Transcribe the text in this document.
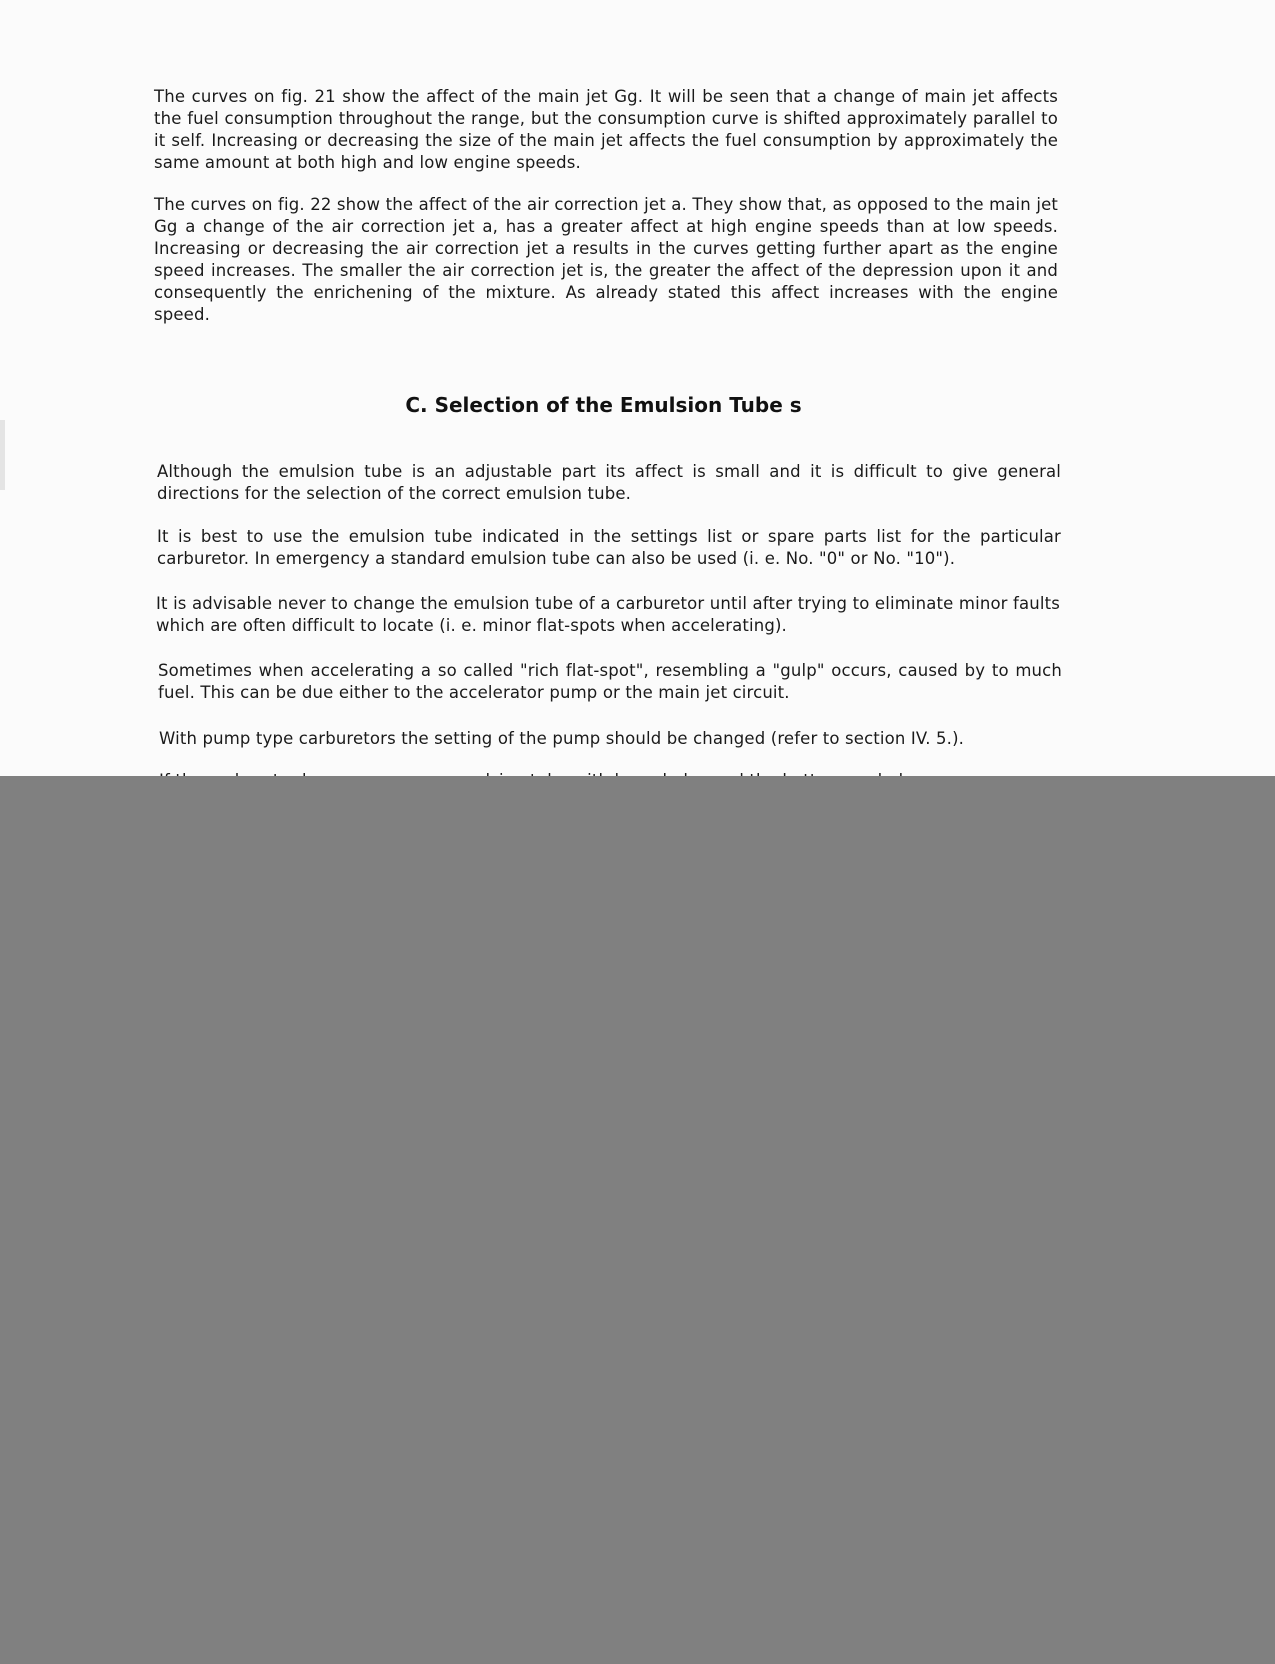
The curves on fig. 21 show the affect of the main jet Gg. It will be seen that a change of main jet affects the fuel consumption throughout the range, but the consumption curve is shifted approximately parallel to it self. Increasing or decreasing the size of the main jet affects the fuel consumption by approximately the same amount at both high and low engine speeds.

The curves on fig. 22 show the affect of the air correction jet a. They show that, as opposed to the main jet Gg a change of the air correction jet a, has a greater affect at high engine speeds than at low speeds. Increasing or decreasing the air correction jet a results in the curves getting further apart as the engine speed increases. The smaller the air correction jet is, the greater the affect of the depression upon it and consequently the enrichening of the mixture. As already stated this affect increases with the engine speed.

C. Selection of the Emulsion Tube s

Although the emulsion tube is an adjustable part its affect is small and it is difficult to give general directions for the selection of the correct emulsion tube.

It is best to use the emulsion tube indicated in the settings list or spare parts list for the particular carburetor. In emergency a standard emulsion tube can also be used (i. e. No. "0" or No. "10").

It is advisable never to change the emulsion tube of a carburetor until after trying to eliminate minor faults which are often difficult to locate (i. e. minor flat-spots when accelerating).

Sometimes when accelerating a so called "rich flat-spot", resembling a "gulp" occurs, caused by to much fuel. This can be due either to the accelerator pump or the main jet circuit.

With pump type carburetors the setting of the pump should be changed (refer to section IV. 5.).
